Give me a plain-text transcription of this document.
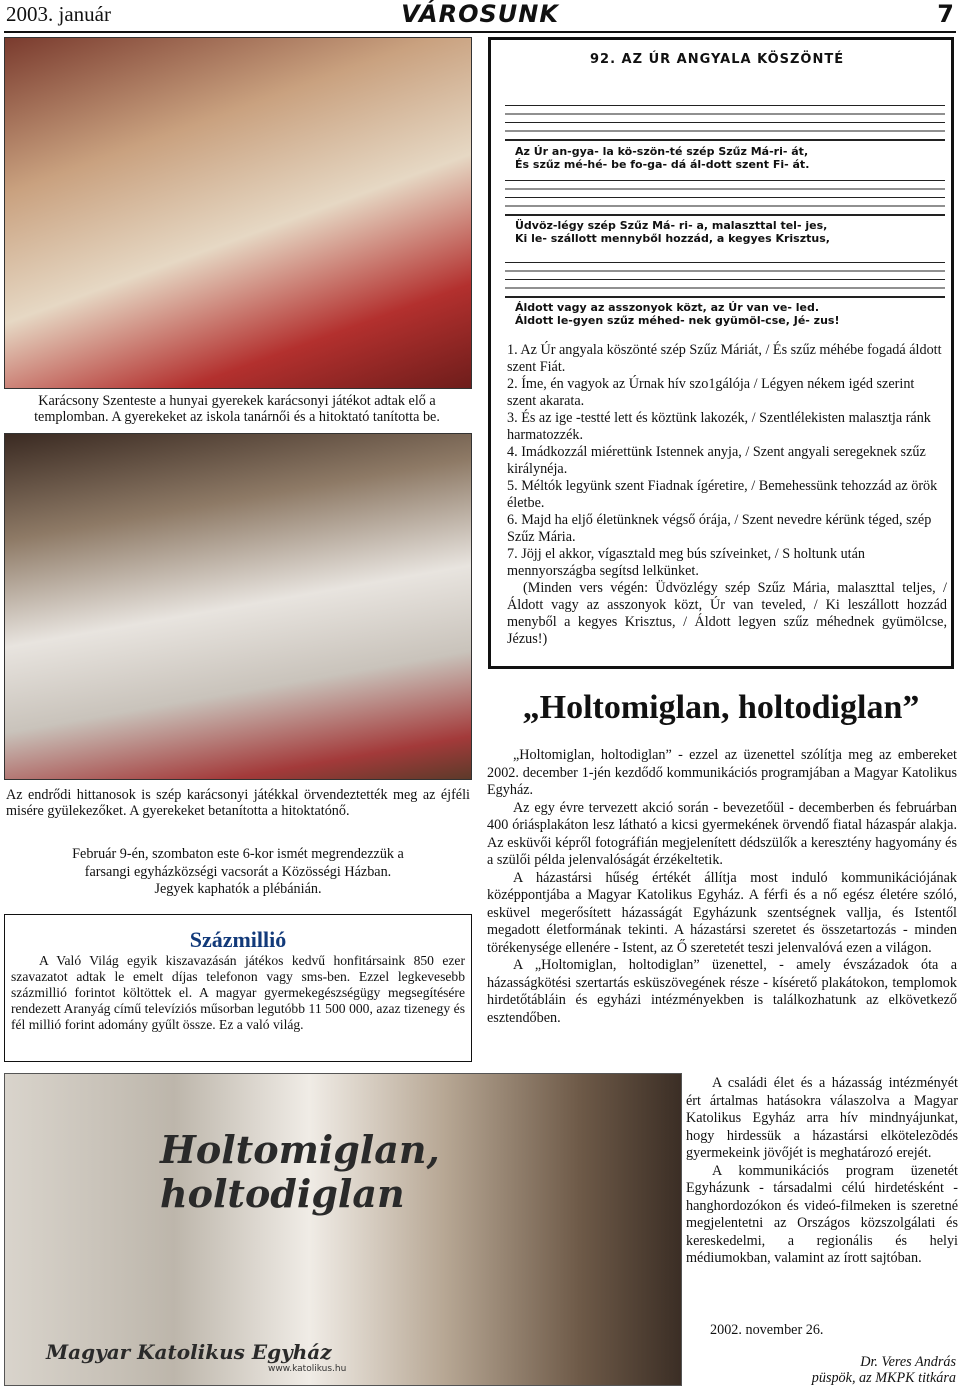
2003. január	VÁROSUNK	7
Karácsony Szenteste a hunyai gyerekek karácsonyi játékot adtak elő a templomban. A gyerekeket az iskola tanárnői és a hitoktató tanította be.
Az endrődi hittanosok is szép karácsonyi játékkal örvendeztették meg az éjféli misére gyülekezőket. A gyerekeket betanította a hitoktatónő.
Február 9-én, szombaton este 6-kor ismét megrendezzük a
farsangi egyházközségi vacsorát a Közösségi Házban.
Jegyek kaphatók a plébánián.
Százmillió
A Való Világ egyik kiszavazásán játékos kedvű honfitársaink 850 ezer szavazatot adtak le emelt díjas telefonon vagy sms-ben. Ezzel legkevesebb százmillió forintot költöttek el. A magyar gyermekegészségügy megsegítésére rendezett Aranyág című televíziós műsorban legutóbb 11 500 000, azaz tizenegy és fél millió forint adomány gyűlt össze. Ez a való világ.
92. AZ ÚR ANGYALA KÖSZÖNTÉ
Az Úr an-gya- la kö-szön-té szép Szűz Má-ri- át,
És szűz mé-hé- be fo-ga- dá ál-dott szent Fi- át.
Üdvöz-légy szép Szűz Má- ri- a, malaszttal tel- jes,
Ki le- szállott mennyből hozzád, a kegyes Krisztus,
Áldott vagy az asszonyok közt, az Úr van ve- led.
Áldott le-gyen szűz méhed- nek gyümöl-cse, Jé- zus!
1. Az Úr angyala köszönté szép Szűz Máriát, / És szűz méhébe fogadá áldott szent Fiát.
2. Íme, én vagyok az Úrnak hív szo1gálója / Légyen nékem igéd szerint szent akarata.
3. És az ige -testté lett és köztünk lakozék, / Szentlélekisten malasztja ránk harmatozzék.
4. Imádkozzál miérettünk Istennek anyja, / Szent angyali seregeknek szűz királynéja.
5. Méltók legyünk szent Fiadnak ígéretire, / Bemehessünk tehozzád az örök életbe.
6. Majd ha eljő életünknek végső órája, / Szent nevedre kérünk téged, szép Szűz Mária.
7. Jöjj el akkor, vígasztald meg bús szíveinket, / S holtunk után mennyországba segítsd lelkünket.
(Minden vers végén: Üdvözlégy szép Szűz Mária, malaszttal teljes, / Áldott vagy az asszonyok közt, Úr van teveled, / Ki leszállott hozzád menyből a kegyes Krisztus, / Áldott legyen szűz méhednek gyümölcse, Jézus!)
„Holtomiglan, holtodiglan”
„Holtomiglan, holtodiglan” - ezzel az üzenettel szólítja meg az embereket 2002. december 1-jén kezdődő kommunikációs programjában a Magyar Katolikus Egyház.
Az egy évre tervezett akció során - bevezetőül - decemberben és februárban 400 óriásplakáton lesz látható a kicsi gyermekének örvendő fiatal házaspár alakja. Az esküvői képről fotográfián megjelenített dédszülők a keresztény hagyomány és a szülői példa jelenvalóságát érzékeltetik.
A házastársi hűség értékét állítja most induló kommunikációjának középpontjába a Magyar Katolikus Egyház. A férfi és a nő egész életére szóló, esküvel megerősített házasságát Egyházunk szentségnek vallja, és Istentől megadott életformának tekinti. A házastársi szeretet és összetartozás - minden törékenysége ellenére - Istent, az Ő szeretetét teszi jelenvalóvá ezen a világon.
A „Holtomiglan, holtodiglan” üzenettel, - amely évszázadok óta a házasságkötési szertartás esküszövegének része - kísérető plakátokon, templomok hirdetőtábláin és egyházi intézményekben is találkozhatunk az elkövetkező esztendőben.
A családi élet és a házasság intézményét ért ártalmas hatásokra válaszolva a Magyar Katolikus Egyház arra hív mindnyájunkat, hogy hirdessük a házastársi elkötelezõdés gyermekeink jövőjét is meghatározó erejét.
A kommunikációs program üzenetét Egyházunk - társadalmi célú hirdetésként - hanghordozókon és videó-filmeken is szeretné megjelentetni az Országos közszolgálati és kereskedelmi, a regionális és helyi médiumokban, valamint az írott sajtóban.
2002. november 26.
Dr. Veres András
püspök, az MKPK titkára
Holtomiglan,
holtodiglan
Magyar Katolikus Egyház
www.katolikus.hu
